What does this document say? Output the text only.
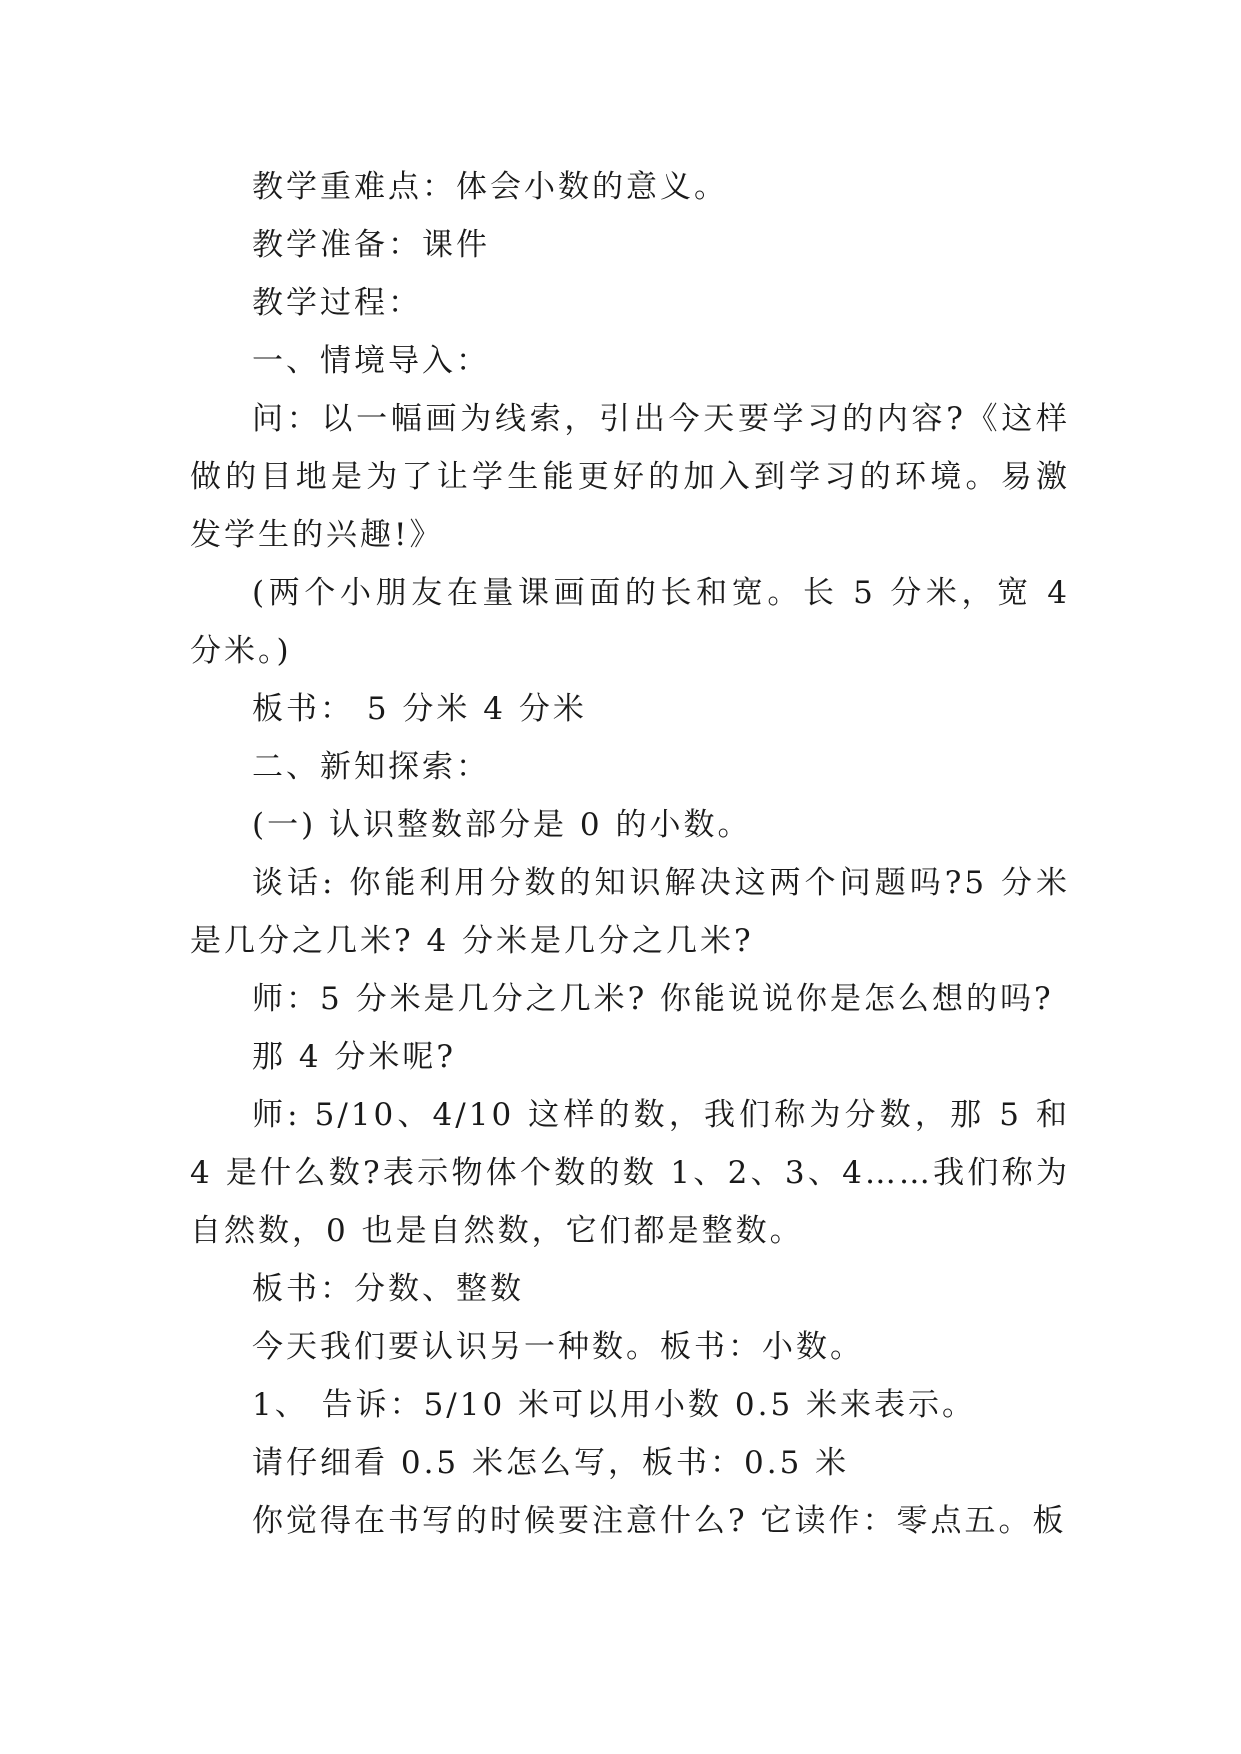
教学重难点：体会小数的意义。

教学准备：课件

教学过程：

一、情境导入：

问：以一幅画为线索，引出今天要学习的内容?《这样做的目地是为了让学生能更好的加入到学习的环境。易激发学生的兴趣!》

(两个小朋友在量课画面的长和宽。长 5 分米，宽 4 分米。)

板书： 5 分米 4 分米

二、新知探索：

(一) 认识整数部分是 0 的小数。

谈话: 你能利用分数的知识解决这两个问题吗?5 分米是几分之几米? 4 分米是几分之几米?

师：5 分米是几分之几米? 你能说说你是怎么想的吗?

那 4 分米呢?

师: 5/10、4/10 这样的数，我们称为分数，那 5 和 4 是什么数?表示物体个数的数 1、2、3、4……我们称为自然数，0 也是自然数，它们都是整数。

板书：分数、整数

今天我们要认识另一种数。板书：小数。

1、 告诉：5/10 米可以用小数 0.5 米来表示。

请仔细看 0.5 米怎么写，板书：0.5 米

你觉得在书写的时候要注意什么? 它读作：零点五。板
